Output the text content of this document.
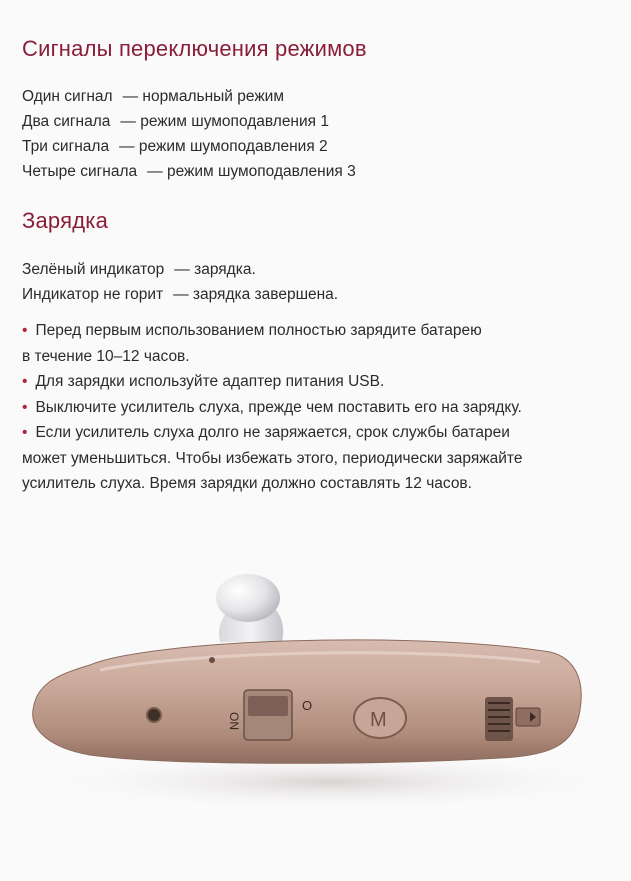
Сигналы переключения режимов
Один сигнал — нормальный режим
Два сигнала — режим шумоподавления 1
Три сигнала — режим шумоподавления 2
Четыре сигнала — режим шумоподавления 3
Зарядка
Зелёный индикатор — зарядка.
Индикатор не горит — зарядка завершена.

• Перед первым использованием полностью зарядите батарею
в течение 10–12 часов.

• Для зарядки используйте адаптер питания USB.

• Выключите усилитель слуха, прежде чем поставить его на зарядку.

• Если усилитель слуха долго не заряжается, срок службы батареи
может уменьшиться. Чтобы избежать этого, периодически заряжайте
усилитель слуха. Время зарядки должно составлять 12 часов.

ON
O
M
